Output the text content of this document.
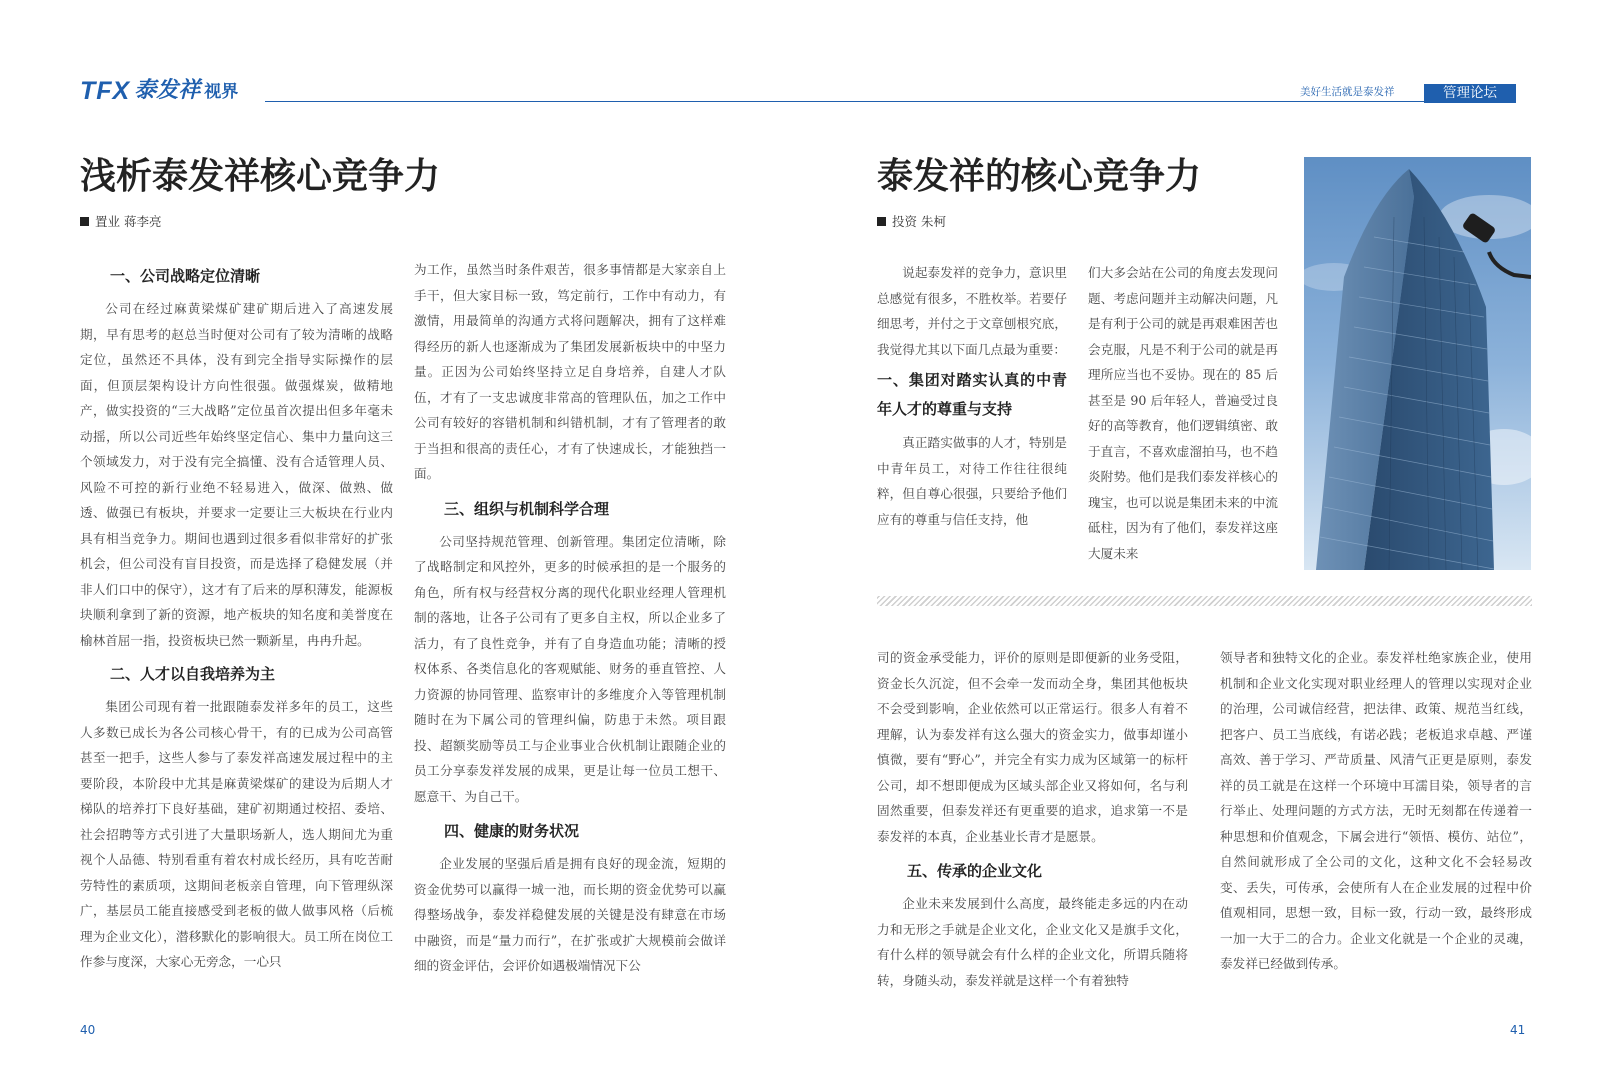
TFX 泰发祥 视界	美好生活就是泰发祥	管理论坛
浅析泰发祥核心竞争力
置业 蒋李亮
一、公司战略定位清晰

公司在经过麻黄梁煤矿建矿期后进入了高速发展期，早有思考的赵总当时便对公司有了较为清晰的战略定位，虽然还不具体，没有到完全指导实际操作的层面，但顶层架构设计方向性很强。做强煤炭，做精地产，做实投资的“三大战略”定位虽首次提出但多年毫未动摇，所以公司近些年始终坚定信心、集中力量向这三个领域发力，对于没有完全搞懂、没有合适管理人员、风险不可控的新行业绝不轻易进入，做深、做熟、做透、做强已有板块，并要求一定要让三大板块在行业内具有相当竞争力。期间也遇到过很多看似非常好的扩张机会，但公司没有盲目投资，而是选择了稳健发展（并非人们口中的保守），这才有了后来的厚积薄发，能源板块顺利拿到了新的资源，地产板块的知名度和美誉度在榆林首屈一指，投资板块已然一颗新星，冉冉升起。

二、人才以自我培养为主

集团公司现有着一批跟随泰发祥多年的员工，这些人多数已成长为各公司核心骨干，有的已成为公司高管甚至一把手，这些人参与了泰发祥高速发展过程中的主要阶段，本阶段中尤其是麻黄梁煤矿的建设为后期人才梯队的培养打下良好基础，建矿初期通过校招、委培、社会招聘等方式引进了大量职场新人，选人期间尤为重视个人品德、特别看重有着农村成长经历，具有吃苦耐劳特性的素质项，这期间老板亲自管理，向下管理纵深广，基层员工能直接感受到老板的做人做事风格（后梳理为企业文化），潜移默化的影响很大。员工所在岗位工作参与度深，大家心无旁念，一心只

为工作，虽然当时条件艰苦，很多事情都是大家亲自上手干，但大家目标一致，笃定前行，工作中有动力，有激情，用最简单的沟通方式将问题解决，拥有了这样难得经历的新人也逐渐成为了集团发展新板块中的中坚力量。正因为公司始终坚持立足自身培养，自建人才队伍，才有了一支忠诚度非常高的管理队伍，加之工作中公司有较好的容错机制和纠错机制，才有了管理者的敢于当担和很高的责任心，才有了快速成长，才能独挡一面。

三、组织与机制科学合理

公司坚持规范管理、创新管理。集团定位清晰，除了战略制定和风控外，更多的时候承担的是一个服务的角色，所有权与经营权分离的现代化职业经理人管理机制的落地，让各子公司有了更多自主权，所以企业多了活力，有了良性竞争，并有了自身造血功能；清晰的授权体系、各类信息化的客观赋能、财务的垂直管控、人力资源的协同管理、监察审计的多维度介入等管理机制随时在为下属公司的管理纠偏，防患于未然。项目跟投、超额奖励等员工与企业事业合伙机制让跟随企业的员工分享泰发祥发展的成果，更是让每一位员工想干、愿意干、为自己干。

四、健康的财务状况

企业发展的坚强后盾是拥有良好的现金流，短期的资金优势可以赢得一城一池，而长期的资金优势可以赢得整场战争，泰发祥稳健发展的关键是没有肆意在市场中融资，而是“量力而行”，在扩张或扩大规模前会做详细的资金评估，会评价如遇极端情况下公

40
泰发祥的核心竞争力
投资 朱柯

说起泰发祥的竞争力，意识里总感觉有很多，不胜枚举。若要仔细思考，并付之于文章刨根究底，我觉得尤其以下面几点最为重要：

一、集团对踏实认真的中青年人才的尊重与支持

真正踏实做事的人才，特别是中青年员工，对待工作往往很纯粹，但自尊心很强，只要给予他们应有的尊重与信任支持，他

们大多会站在公司的角度去发现问题、考虑问题并主动解决问题，凡是有利于公司的就是再艰难困苦也会克服，凡是不利于公司的就是再理所应当也不妥协。现在的 85 后甚至是 90 后年轻人，普遍受过良好的高等教育，他们逻辑缜密、敢于直言，不喜欢虚溜拍马，也不趋炎附势。他们是我们泰发祥核心的瑰宝，也可以说是集团未来的中流砥柱，因为有了他们，泰发祥这座大厦未来

司的资金承受能力，评价的原则是即便新的业务受阻，资金长久沉淀，但不会牵一发而动全身，集团其他板块不会受到影响，企业依然可以正常运行。很多人有着不理解，认为泰发祥有这么强大的资金实力，做事却谨小慎微，要有“野心”，并完全有实力成为区域第一的标杆公司，却不想即便成为区域头部企业又将如何，名与利固然重要，但泰发祥还有更重要的追求，追求第一不是泰发祥的本真，企业基业长青才是愿景。

五、传承的企业文化

企业未来发展到什么高度，最终能走多远的内在动力和无形之手就是企业文化，企业文化又是旗手文化，有什么样的领导就会有什么样的企业文化，所谓兵随将转，身随头动，泰发祥就是这样一个有着独特

领导者和独特文化的企业。泰发祥杜绝家族企业，使用机制和企业文化实现对职业经理人的管理以实现对企业的治理，公司诚信经营，把法律、政策、规范当红线，把客户、员工当底线，有诺必践；老板追求卓越、严谨高效、善于学习、严苛质量、风清气正更是原则，泰发祥的员工就是在这样一个环境中耳濡目染，领导者的言行举止、处理问题的方式方法，无时无刻都在传递着一种思想和价值观念，下属会进行“领悟、模仿、站位”，自然间就形成了全公司的文化，这种文化不会轻易改变、丢失，可传承，会使所有人在企业发展的过程中价值观相同，思想一致，目标一致，行动一致，最终形成一加一大于二的合力。企业文化就是一个企业的灵魂，泰发祥已经做到传承。

41
